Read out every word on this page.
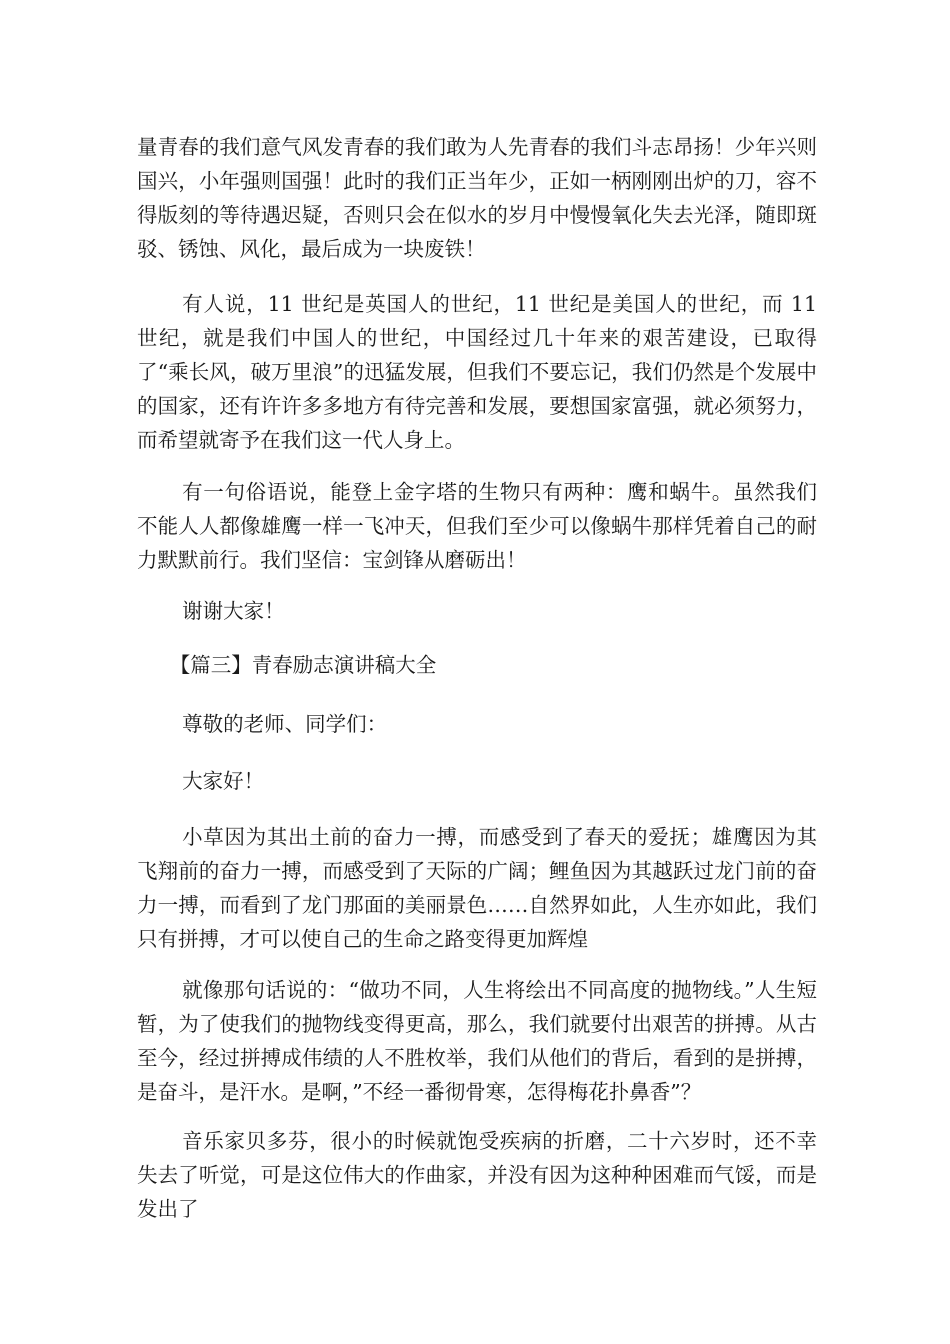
量青春的我们意气风发青春的我们敢为人先青春的我们斗志昂扬！少年兴则国兴，小年强则国强！此时的我们正当年少，正如一柄刚刚出炉的刀，容不得版刻的等待遇迟疑，否则只会在似水的岁月中慢慢氧化失去光泽，随即斑驳、锈蚀、风化，最后成为一块废铁！

有人说，11 世纪是英国人的世纪，11 世纪是美国人的世纪，而 11 世纪，就是我们中国人的世纪，中国经过几十年来的艰苦建设，已取得了“乘长风，破万里浪”的迅猛发展，但我们不要忘记，我们仍然是个发展中的国家，还有许许多多地方有待完善和发展，要想国家富强，就必须努力，而希望就寄予在我们这一代人身上。

有一句俗语说，能登上金字塔的生物只有两种：鹰和蜗牛。虽然我们不能人人都像雄鹰一样一飞冲天，但我们至少可以像蜗牛那样凭着自己的耐力默默前行。我们坚信：宝剑锋从磨砺出！

谢谢大家！

【篇三】青春励志演讲稿大全

尊敬的老师、同学们：

大家好！

小草因为其出土前的奋力一搏，而感受到了春天的爱抚；雄鹰因为其飞翔前的奋力一搏，而感受到了天际的广阔；鲤鱼因为其越跃过龙门前的奋力一搏，而看到了龙门那面的美丽景色……自然界如此，人生亦如此，我们只有拼搏，才可以使自己的生命之路变得更加辉煌

就像那句话说的：“做功不同，人生将绘出不同高度的抛物线。”人生短暂，为了使我们的抛物线变得更高，那么，我们就要付出艰苦的拼搏。从古至今，经过拼搏成伟绩的人不胜枚举，我们从他们的背后，看到的是拼搏，是奋斗，是汗水。是啊，”不经一番彻骨寒，怎得梅花扑鼻香”？

音乐家贝多芬，很小的时候就饱受疾病的折磨，二十六岁时，还不幸失去了听觉，可是这位伟大的作曲家，并没有因为这种种困难而气馁，而是发出了
